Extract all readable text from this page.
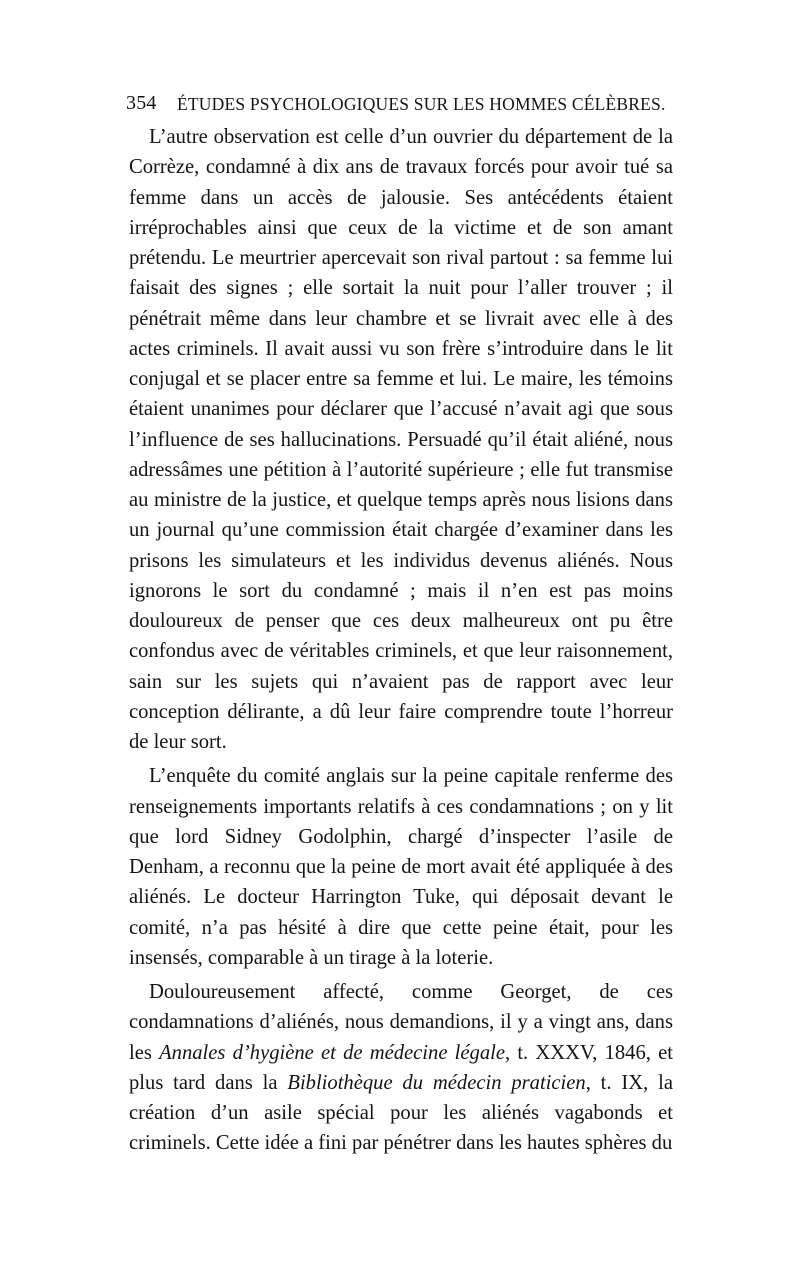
354 ÉTUDES PSYCHOLOGIQUES SUR LES HOMMES CÉLÈBRES.

L’autre observation est celle d’un ouvrier du département de la Corrèze, condamné à dix ans de travaux forcés pour avoir tué sa femme dans un accès de jalousie. Ses antécédents étaient irréprochables ainsi que ceux de la victime et de son amant prétendu. Le meurtrier apercevait son rival partout : sa femme lui faisait des signes ; elle sortait la nuit pour l’aller trouver ; il pénétrait même dans leur chambre et se livrait avec elle à des actes criminels. Il avait aussi vu son frère s’introduire dans le lit conjugal et se placer entre sa femme et lui. Le maire, les témoins étaient unanimes pour déclarer que l’accusé n’avait agi que sous l’influence de ses hallucinations. Persuadé qu’il était aliéné, nous adressâmes une pétition à l’autorité supérieure ; elle fut transmise au ministre de la justice, et quelque temps après nous lisions dans un journal qu’une commission était chargée d’examiner dans les prisons les simulateurs et les individus devenus aliénés. Nous ignorons le sort du condamné ; mais il n’en est pas moins douloureux de penser que ces deux malheureux ont pu être confondus avec de véritables criminels, et que leur raisonnement, sain sur les sujets qui n’avaient pas de rapport avec leur conception délirante, a dû leur faire comprendre toute l’horreur de leur sort.

L’enquête du comité anglais sur la peine capitale renferme des renseignements importants relatifs à ces condamnations ; on y lit que lord Sidney Godolphin, chargé d’inspecter l’asile de Denham, a reconnu que la peine de mort avait été appliquée à des aliénés. Le docteur Harrington Tuke, qui déposait devant le comité, n’a pas hésité à dire que cette peine était, pour les insensés, comparable à un tirage à la loterie.

Douloureusement affecté, comme Georget, de ces condamnations d’aliénés, nous demandions, il y a vingt ans, dans les Annales d’hygiène et de médecine légale, t. XXXV, 1846, et plus tard dans la Bibliothèque du médecin praticien, t. IX, la création d’un asile spécial pour les aliénés vagabonds et criminels. Cette idée a fini par pénétrer dans les hautes sphères du
